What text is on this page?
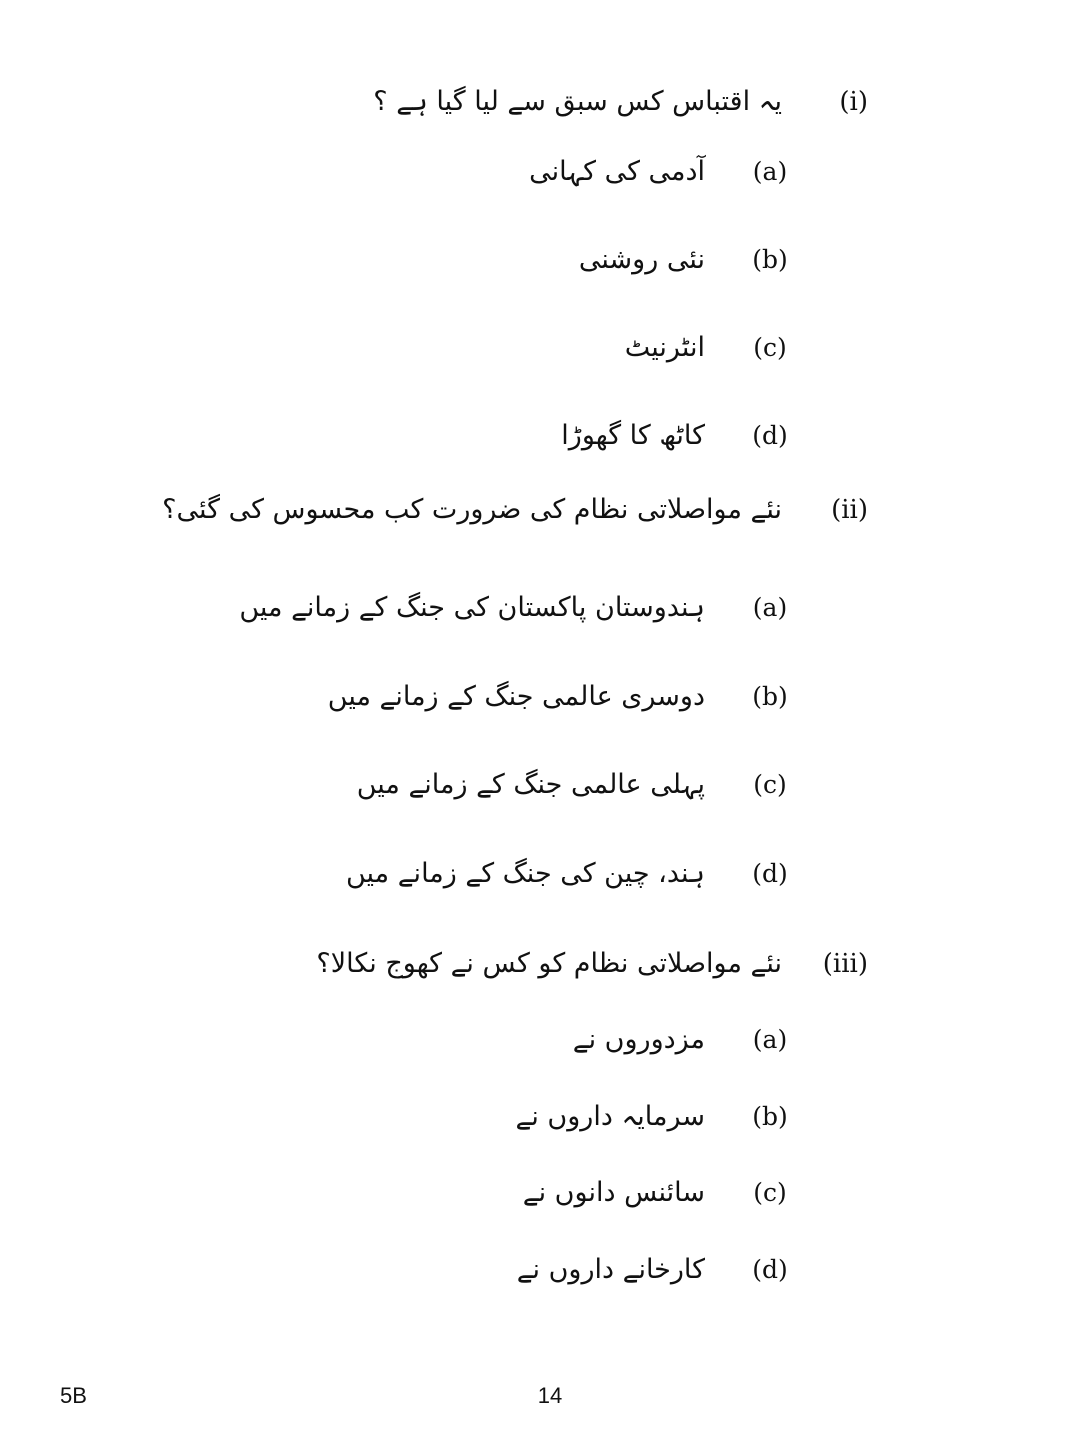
(i)
یہ اقتباس کس سبق سے لیا گیا ہے ؟
(a)
آدمی کی کہانی
(b)
نئی روشنی
(c)
انٹرنیٹ
(d)
کاٹھ کا گھوڑا
(ii)
نئے مواصلاتی نظام کی ضرورت کب محسوس کی گئی؟
(a)
ہندوستان پاکستان کی جنگ کے زمانے میں
(b)
دوسری عالمی جنگ کے زمانے میں
(c)
پہلی عالمی جنگ کے زمانے میں
(d)
ہند، چین کی جنگ کے زمانے میں
(iii)
نئے مواصلاتی نظام کو کس نے کھوج نکالا؟
(a)
مزدوروں نے
(b)
سرمایہ داروں نے
(c)
سائنس دانوں نے
(d)
کارخانے داروں نے
5B	14
